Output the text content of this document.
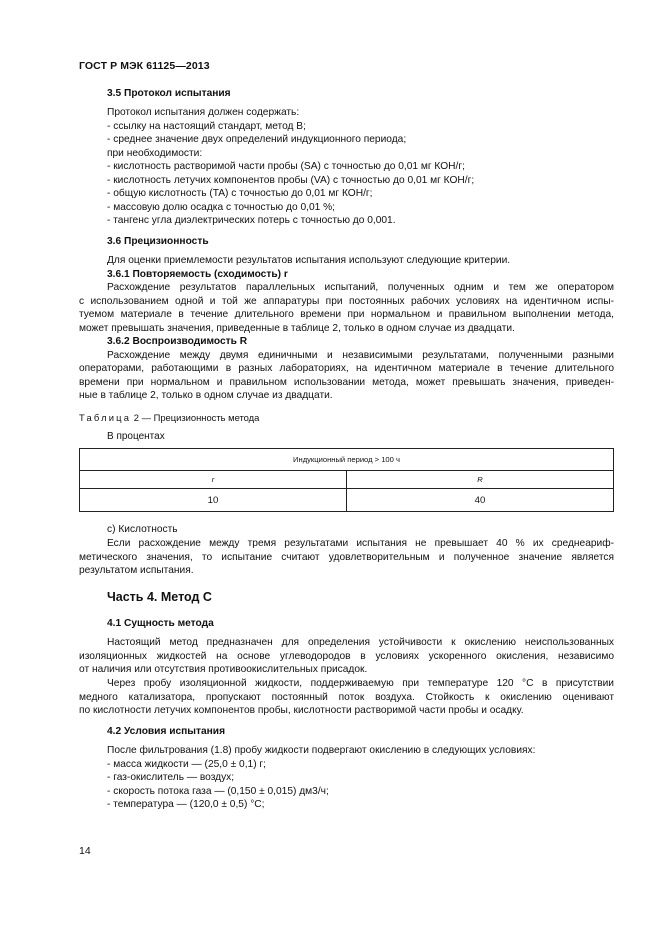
ГОСТ Р МЭК 61125—2013
3.5 Протокол испытания
Протокол испытания должен содержать:
- ссылку на настоящий стандарт, метод В;
- среднее значение двух определений индукционного периода;
при необходимости:
- кислотность растворимой части пробы (SA) с точностью до 0,01 мг КОН/г;
- кислотность летучих компонентов пробы (VA) с точностью до 0,01 мг КОН/г;
- общую кислотность (TA) с точностью до 0,01 мг КОН/г;
- массовую долю осадка с точностью до 0,01 %;
- тангенс угла диэлектрических потерь с точностью до 0,001.
3.6 Прецизионность
Для оценки приемлемости результатов испытания используют следующие критерии.
3.6.1 Повторяемость (сходимость) r
Расхождение результатов параллельных испытаний, полученных одним и тем же оператором
с использованием одной и той же аппаратуры при постоянных рабочих условиях на идентичном испы-
туемом материале в течение длительного времени при нормальном и правильном выполнении метода,
может превышать значения, приведенные в таблице 2, только в одном случае из двадцати.
3.6.2 Воспроизводимость R
Расхождение между двумя единичными и независимыми результатами, полученными разными
операторами, работающими в разных лабораториях, на идентичном материале в течение длительного
времени при нормальном и правильном использовании метода, может превышать значения, приведен-
ные в таблице 2, только в одном случае из двадцати.
Таблица 2 — Прецизионность метода
В процентах
Индукционный период > 100 ч	
r	R
10	40
c) Кислотность
Если расхождение между тремя результатами испытания не превышает 40 % их среднеариф-
метического значения, то испытание считают удовлетворительным и полученное значение является
результатом испытания.
Часть 4. Метод С
4.1 Сущность метода
Настоящий метод предназначен для определения устойчивости к окислению неиспользованных
изоляционных жидкостей на основе углеводородов в условиях ускоренного окисления, независимо
от наличия или отсутствия противоокислительных присадок.
Через пробу изоляционной жидкости, поддерживаемую при температуре 120 °С в присутствии
медного катализатора, пропускают постоянный поток воздуха. Стойкость к окислению оценивают
по кислотности летучих компонентов пробы, кислотности растворимой части пробы и осадку.
4.2 Условия испытания
После фильтрования (1.8) пробу жидкости подвергают окислению в следующих условиях:
- масса жидкости — (25,0 ± 0,1) г;
- газ-окислитель — воздух;
- скорость потока газа — (0,150 ± 0,015) дм3/ч;
- температура — (120,0 ± 0,5) °С;
14
